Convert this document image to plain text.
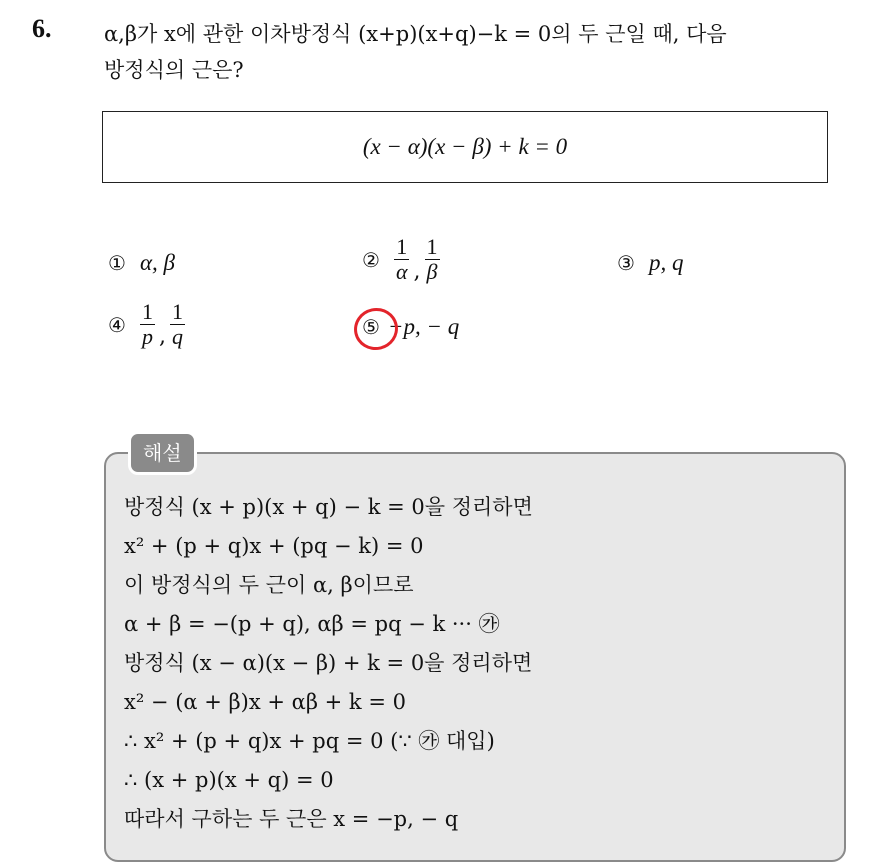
6.	α,β가 x에 관한 이차방정식 (x+p)(x+q)−k = 0의 두 근일 때, 다음
방정식의 근은?
(x − α)(x − β) + k = 0
① α, β	② $\frac{1}{\alpha}$ , $\frac{1}{\beta}$	③ p, q
④ $\frac{1}{p}$ , $\frac{1}{q}$	⑤ −p, − q
해설
방정식 (x + p)(x + q) − k = 0을 정리하면
x² + (p + q)x + (pq − k) = 0
이 방정식의 두 근이 α, β이므로
α + β = −(p + q), αβ = pq − k ··· ㉮
방정식 (x − α)(x − β) + k = 0을 정리하면
x² − (α + β)x + αβ + k = 0
∴ x² + (p + q)x + pq = 0 (∵ ㉮ 대입)
∴ (x + p)(x + q) = 0
따라서 구하는 두 근은 x = −p, − q
